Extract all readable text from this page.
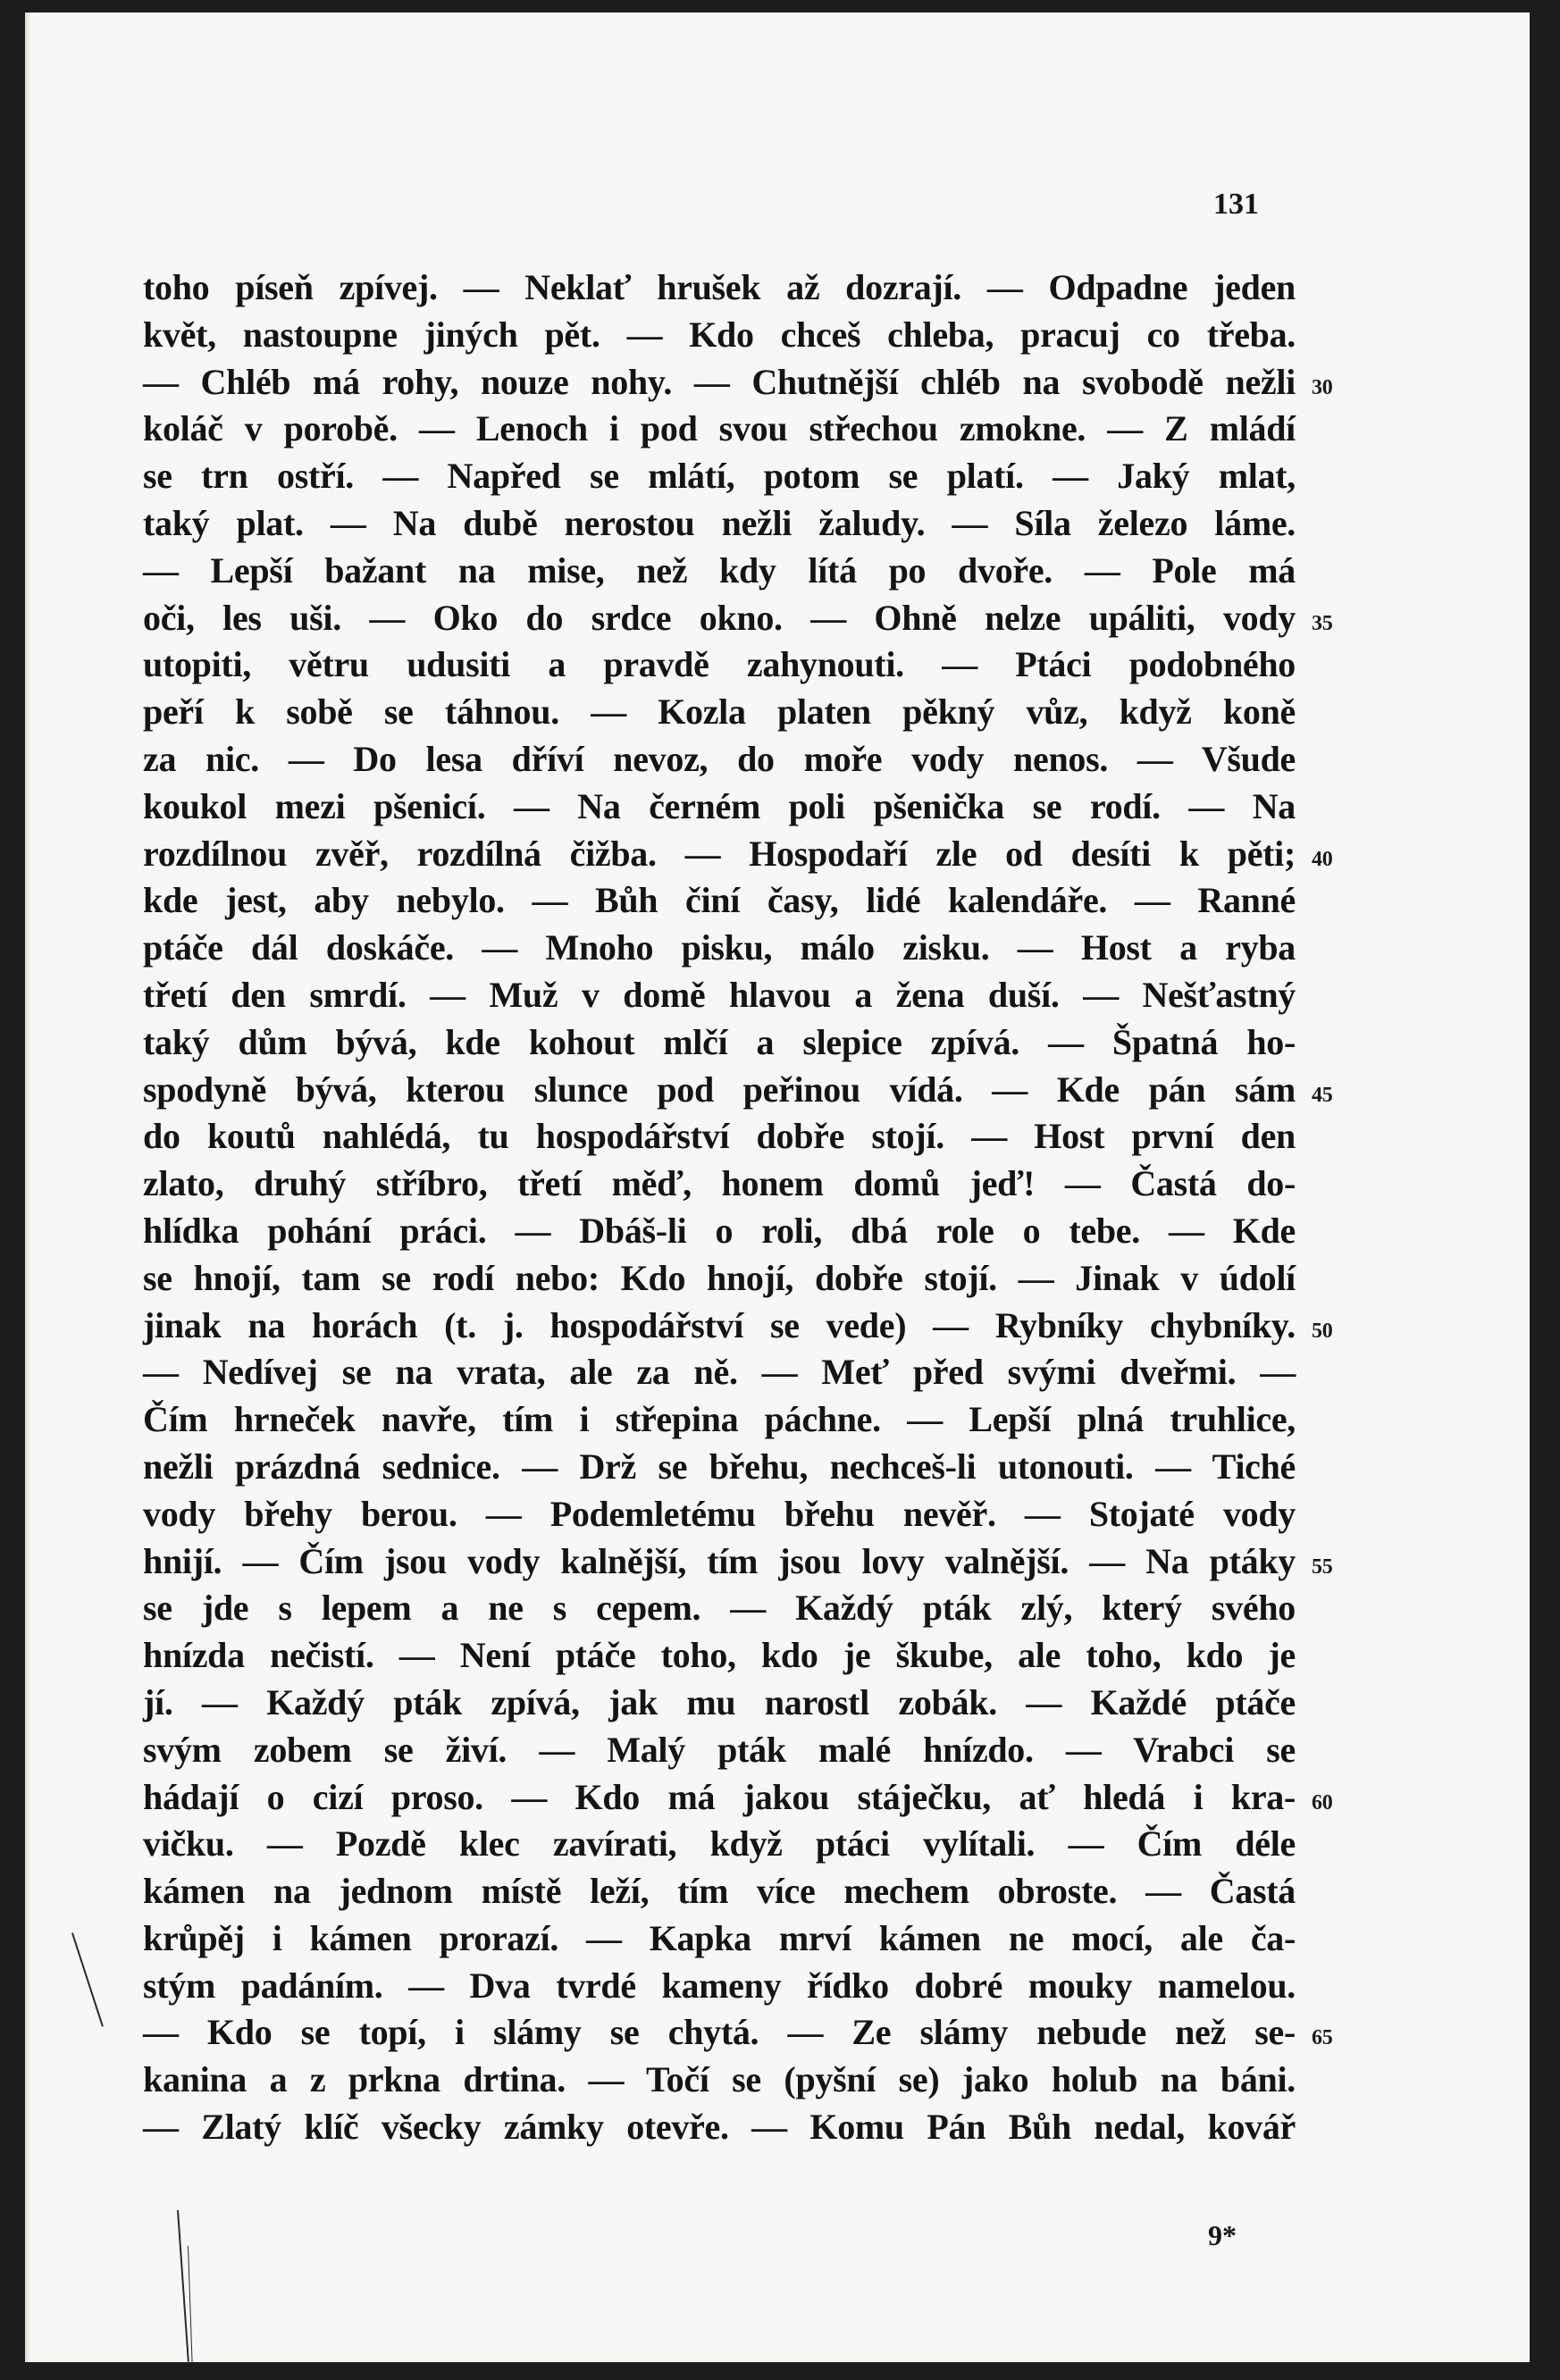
131
toho píseň zpívej. — Neklať hrušek až dozrají. — Odpadne jeden
květ, nastoupne jiných pět. — Kdo chceš chleba, pracuj co třeba.
— Chléb má rohy, nouze nohy. — Chutnější chléb na svobodě nežli 30
koláč v porobě. — Lenoch i pod svou střechou zmokne. — Z mládí
se trn ostří. — Napřed se mlátí, potom se platí. — Jaký mlat,
taký plat. — Na dubě nerostou nežli žaludy. — Síla železo láme.
— Lepší bažant na mise, než kdy lítá po dvoře. — Pole má
oči, les uši. — Oko do srdce okno. — Ohně nelze upáliti, vody 35
utopiti, větru udusiti a pravdě zahynouti. — Ptáci podobného
peří k sobě se táhnou. — Kozla platen pěkný vůz, když koně
za nic. — Do lesa dříví nevoz, do moře vody nenos. — Všude
koukol mezi pšenicí. — Na černém poli pšenička se rodí. — Na
rozdílnou zvěř, rozdílná čižba. — Hospodaří zle od desíti k pěti; 40
kde jest, aby nebylo. — Bůh činí časy, lidé kalendáře. — Ranné
ptáče dál doskáče. — Mnoho pisku, málo zisku. — Host a ryba
třetí den smrdí. — Muž v domě hlavou a žena duší. — Nešťastný
taký dům bývá, kde kohout mlčí a slepice zpívá. — Špatná ho-
spodyně bývá, kterou slunce pod peřinou vídá. — Kde pán sám 45
do koutů nahlédá, tu hospodářství dobře stojí. — Host první den
zlato, druhý stříbro, třetí měď, honem domů jeď! — Častá do-
hlídka pohání práci. — Dbáš-li o roli, dbá role o tebe. — Kde
se hnojí, tam se rodí nebo: Kdo hnojí, dobře stojí. — Jinak v údolí
jinak na horách (t. j. hospodářství se vede) — Rybníky chybníky. 50
— Nedívej se na vrata, ale za ně. — Meť před svými dveřmi. —
Čím hrneček navře, tím i střepina páchne. — Lepší plná truhlice,
nežli prázdná sednice. — Drž se břehu, nechceš-li utonouti. — Tiché
vody břehy berou. — Podemletému břehu nevěř. — Stojaté vody
hnijí. — Čím jsou vody kalnější, tím jsou lovy valnější. — Na ptáky 55
se jde s lepem a ne s cepem. — Každý pták zlý, který svého
hnízda nečistí. — Není ptáče toho, kdo je škube, ale toho, kdo je
jí. — Každý pták zpívá, jak mu narostl zobák. — Každé ptáče
svým zobem se živí. — Malý pták malé hnízdo. — Vrabci se
hádají o cizí proso. — Kdo má jakou stáječku, ať hledá i kra- 60
vičku. — Pozdě klec zavírati, když ptáci vylítali. — Čím déle
kámen na jednom místě leží, tím více mechem obroste. — Častá
krůpěj i kámen prorazí. — Kapka mrví kámen ne mocí, ale ča-
stým padáním. — Dva tvrdé kameny řídko dobré mouky namelou.
— Kdo se topí, i slámy se chytá. — Ze slámy nebude než se- 65
kanina a z prkna drtina. — Točí se (pyšní se) jako holub na báni.
— Zlatý klíč všecky zámky otevře. — Komu Pán Bůh nedal, kovář
9*
